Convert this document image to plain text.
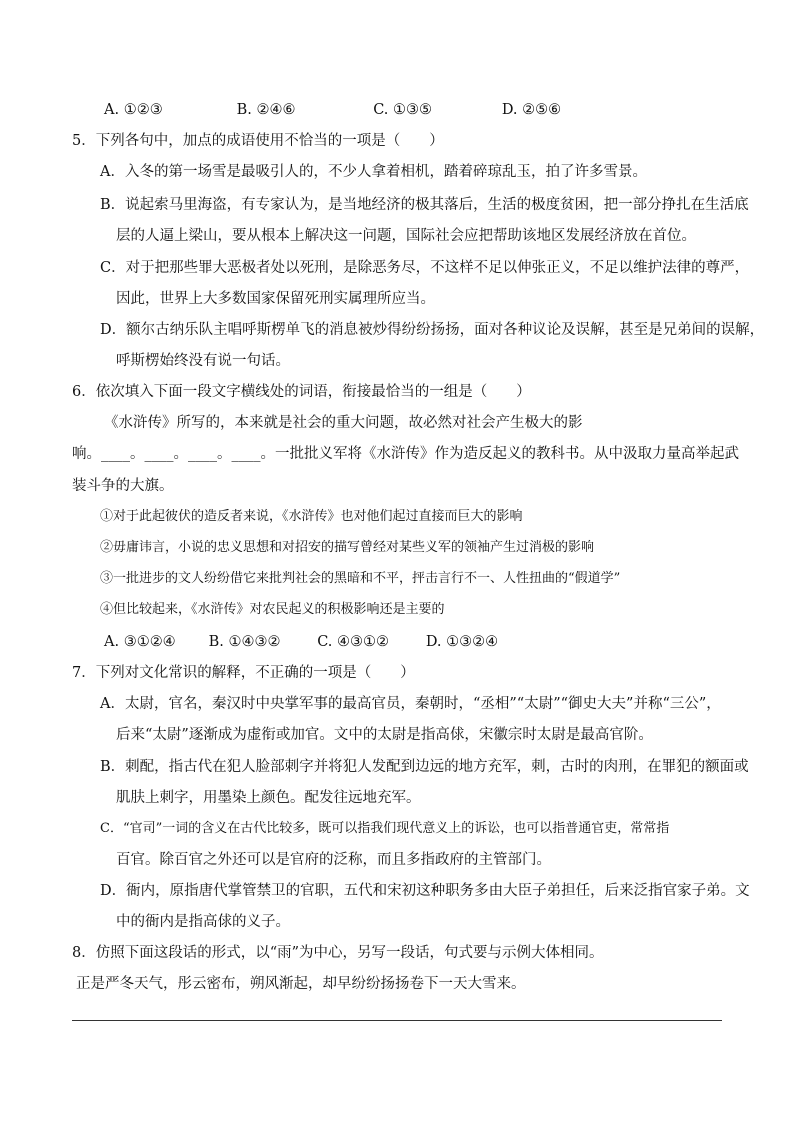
A. ①②③	B. ②④⑥	C. ①③⑤	D. ②⑤⑥
5．下列各句中，加点的成语使用不恰当的一项是（　　）
A．入冬的第一场雪是最吸引人的，不少人拿着相机，踏着碎琼乱玉，拍了许多雪景。
B．说起索马里海盗，有专家认为，是当地经济的极其落后，生活的极度贫困，把一部分挣扎在生活底
层的人逼上梁山，要从根本上解决这一问题，国际社会应把帮助该地区发展经济放在首位。
C．对于把那些罪大恶极者处以死刑，是除恶务尽，不这样不足以伸张正义，不足以维护法律的尊严，
因此，世界上大多数国家保留死刑实属理所应当。
D．额尔古纳乐队主唱呼斯楞单飞的消息被炒得纷纷扬扬，面对各种议论及误解，甚至是兄弟间的误解，
呼斯楞始终没有说一句话。
6．依次填入下面一段文字横线处的词语，衔接最恰当的一组是（　　）
《水浒传》所写的，本来就是社会的重大问题，故必然对社会产生极大的影
响。____。____。____。____。一批批义军将《水浒传》作为造反起义的教科书。从中汲取力量高举起武
装斗争的大旗。
①对于此起彼伏的造反者来说，《水浒传》也对他们起过直接而巨大的影响
②毋庸讳言，小说的忠义思想和对招安的描写曾经对某些义军的领袖产生过消极的影响
③一批进步的文人纷纷借它来批判社会的黑暗和不平，抨击言行不一、人性扭曲的“假道学”
④但比较起来，《水浒传》对农民起义的积极影响还是主要的
A. ③①②④ B. ①④③②	C. ④③①②	D. ①③②④
7．下列对文化常识的解释，不正确的一项是（　　）
A．太尉，官名，秦汉时中央掌军事的最高官员，秦朝时，“丞相”“太尉”“御史大夫”并称“三公”，
后来“太尉”逐渐成为虚衔或加官。文中的太尉是指高俅，宋徽宗时太尉是最高官阶。
B．刺配，指古代在犯人脸部刺字并将犯人发配到边远的地方充军，刺，古时的肉刑，在罪犯的额面或
肌肤上刺字，用墨染上颜色。配发往远地充军。
C．“官司”一词的含义在古代比较多，既可以指我们现代意义上的诉讼，也可以指普通官吏，常常指
百官。除百官之外还可以是官府的泛称，而且多指政府的主管部门。
D．衙内，原指唐代掌管禁卫的官职，五代和宋初这种职务多由大臣子弟担任，后来泛指官家子弟。文
中的衙内是指高俅的义子。
8．仿照下面这段话的形式，以“雨”为中心，另写一段话，句式要与示例大体相同。
正是严冬天气，彤云密布，朔风渐起，却早纷纷扬扬卷下一天大雪来。
